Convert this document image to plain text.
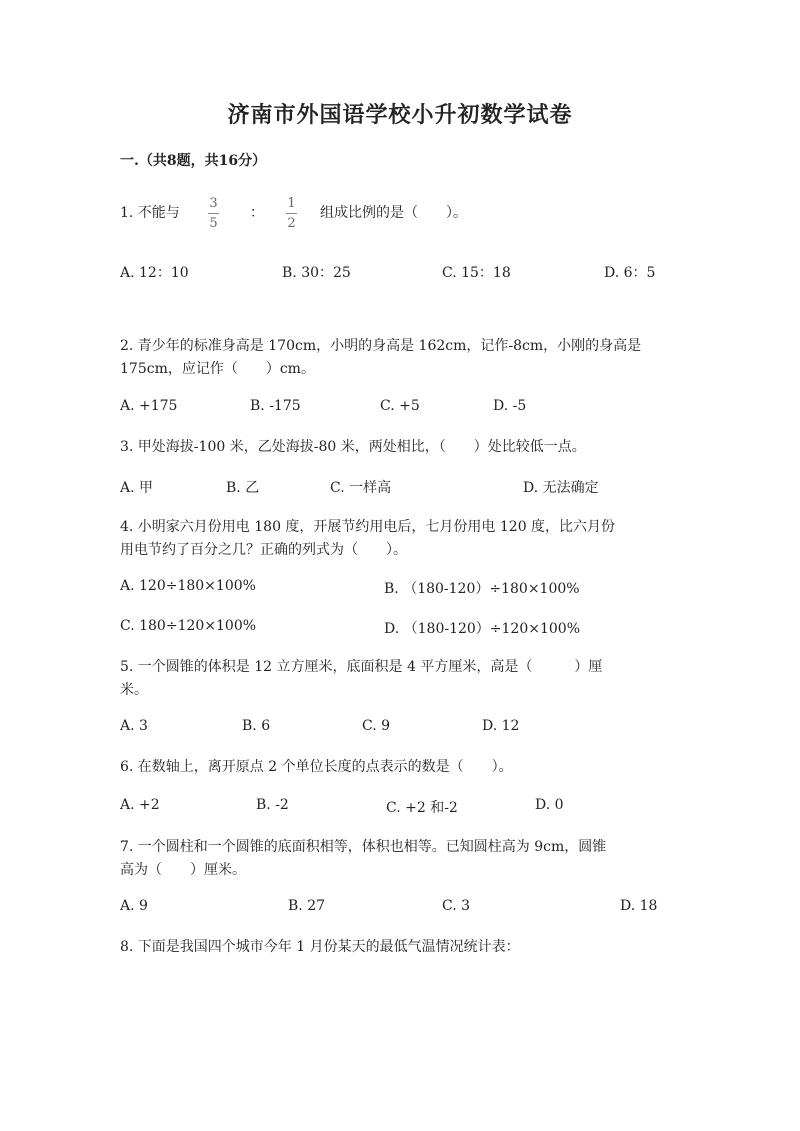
济南市外国语学校小升初数学试卷
一.（共8题，共16分）
1. 不能与
3
5
：
1
2
组成比例的是（　　）。
A. 12：10	B. 30：25	C. 15：18	D. 6：5
2. 青少年的标准身高是 170cm，小明的身高是 162cm，记作-8cm，小刚的身高是
175cm，应记作（　　）cm。
A. +175	B. -175	C. +5	D. -5
3. 甲处海拔-100 米，乙处海拔-80 米，两处相比，（　　）处比较低一点。
A. 甲	B. 乙	C. 一样高	D. 无法确定
4. 小明家六月份用电 180 度，开展节约用电后，七月份用电 120 度，比六月份
用电节约了百分之几？正确的列式为（　　）。
A. 120÷180×100%	B. （180-120）÷180×100%
C. 180÷120×100%	D. （180-120）÷120×100%
5. 一个圆锥的体积是 12 立方厘米，底面积是 4 平方厘米，高是（　　　）厘
米。
A. 3	B. 6	C. 9	D. 12
6. 在数轴上，离开原点 2 个单位长度的点表示的数是（　　）。
A. +2	B. -2	C. +2 和-2	D. 0
7. 一个圆柱和一个圆锥的底面积相等，体积也相等。已知圆柱高为 9cm，圆锥
高为（　　）厘米。
A. 9	B. 27	C. 3	D. 18
8. 下面是我国四个城市今年 1 月份某天的最低气温情况统计表：
